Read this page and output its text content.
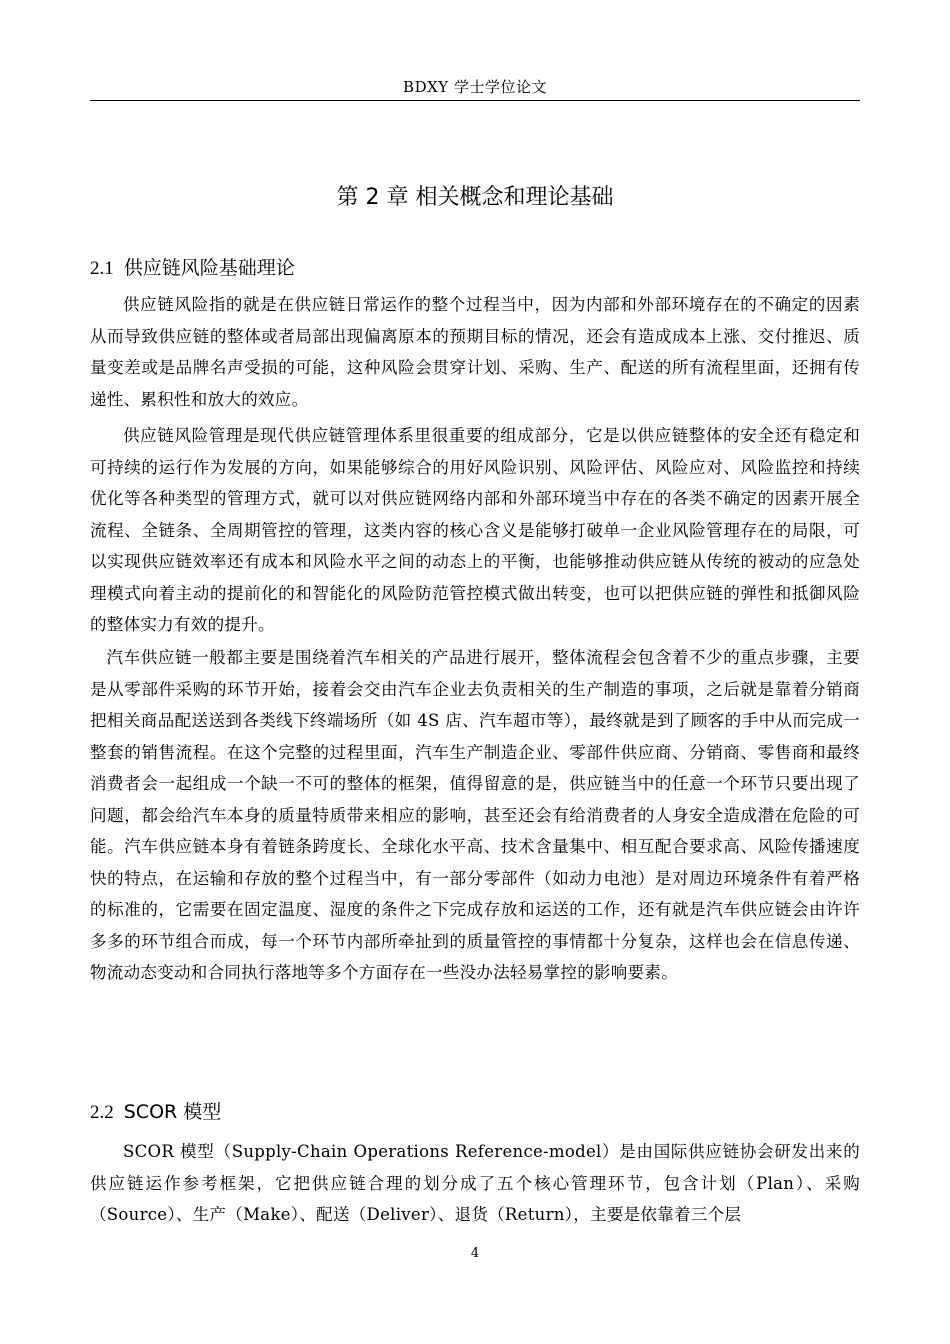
BDXY 学士学位论文
第 2 章 相关概念和理论基础
2.1 供应链风险基础理论

供应链风险指的就是在供应链日常运作的整个过程当中，因为内部和外部环境存在的不确定的因素从而导致供应链的整体或者局部出现偏离原本的预期目标的情况，还会有造成成本上涨、交付推迟、质量变差或是品牌名声受损的可能，这种风险会贯穿计划、采购、生产、配送的所有流程里面，还拥有传递性、累积性和放大的效应。

供应链风险管理是现代供应链管理体系里很重要的组成部分，它是以供应链整体的安全还有稳定和可持续的运行作为发展的方向，如果能够综合的用好风险识别、风险评估、风险应对、风险监控和持续优化等各种类型的管理方式，就可以对供应链网络内部和外部环境当中存在的各类不确定的因素开展全流程、全链条、全周期管控的管理，这类内容的核心含义是能够打破单一企业风险管理存在的局限，可以实现供应链效率还有成本和风险水平之间的动态上的平衡，也能够推动供应链从传统的被动的应急处理模式向着主动的提前化的和智能化的风险防范管控模式做出转变，也可以把供应链的弹性和抵御风险的整体实力有效的提升。

汽车供应链一般都主要是围绕着汽车相关的产品进行展开，整体流程会包含着不少的重点步骤，主要是从零部件采购的环节开始，接着会交由汽车企业去负责相关的生产制造的事项，之后就是靠着分销商把相关商品配送送到各类线下终端场所（如 4S 店、汽车超市等），最终就是到了顾客的手中从而完成一整套的销售流程。在这个完整的过程里面，汽车生产制造企业、零部件供应商、分销商、零售商和最终消费者会一起组成一个缺一不可的整体的框架，值得留意的是，供应链当中的任意一个环节只要出现了问题，都会给汽车本身的质量特质带来相应的影响，甚至还会有给消费者的人身安全造成潜在危险的可能。汽车供应链本身有着链条跨度长、全球化水平高、技术含量集中、相互配合要求高、风险传播速度快的特点，在运输和存放的整个过程当中，有一部分零部件（如动力电池）是对周边环境条件有着严格的标准的，它需要在固定温度、湿度的条件之下完成存放和运送的工作，还有就是汽车供应链会由许许多多的环节组合而成，每一个环节内部所牵扯到的质量管控的事情都十分复杂，这样也会在信息传递、物流动态变动和合同执行落地等多个方面存在一些没办法轻易掌控的影响要素。

2.2 SCOR 模型

SCOR 模型（Supply-Chain Operations Reference-model）是由国际供应链协会研发出来的供应链运作参考框架，它把供应链合理的划分成了五个核心管理环节，包含计划（Plan）、采购（Source）、生产（Make）、配送（Deliver）、退货（Return），主要是依靠着三个层

4
